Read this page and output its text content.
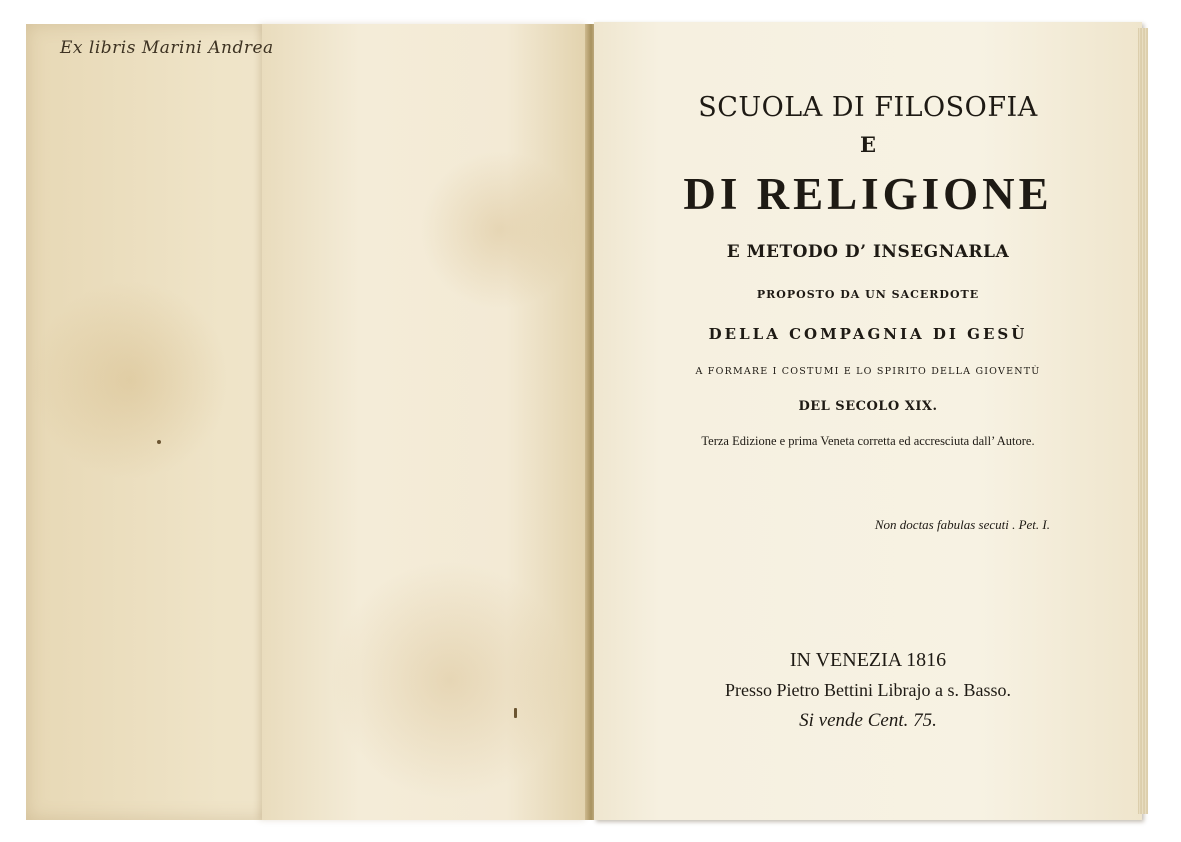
Ex libris Marini Andrea
SCUOLA DI FILOSOFIA
E
DI RELIGIONE
E METODO D’ INSEGNARLA
PROPOSTO DA UN SACERDOTE
DELLA COMPAGNIA DI GESÙ
A FORMARE I COSTUMI E LO SPIRITO DELLA GIOVENTÙ
DEL SECOLO XIX.
Terza Edizione e prima Veneta corretta ed accresciuta dall’ Autore.
Non doctas fabulas secuti . Pet. I.
IN VENEZIA 1816
Presso Pietro Bettini Librajo a s. Basso.
Si vende Cent. 75.
